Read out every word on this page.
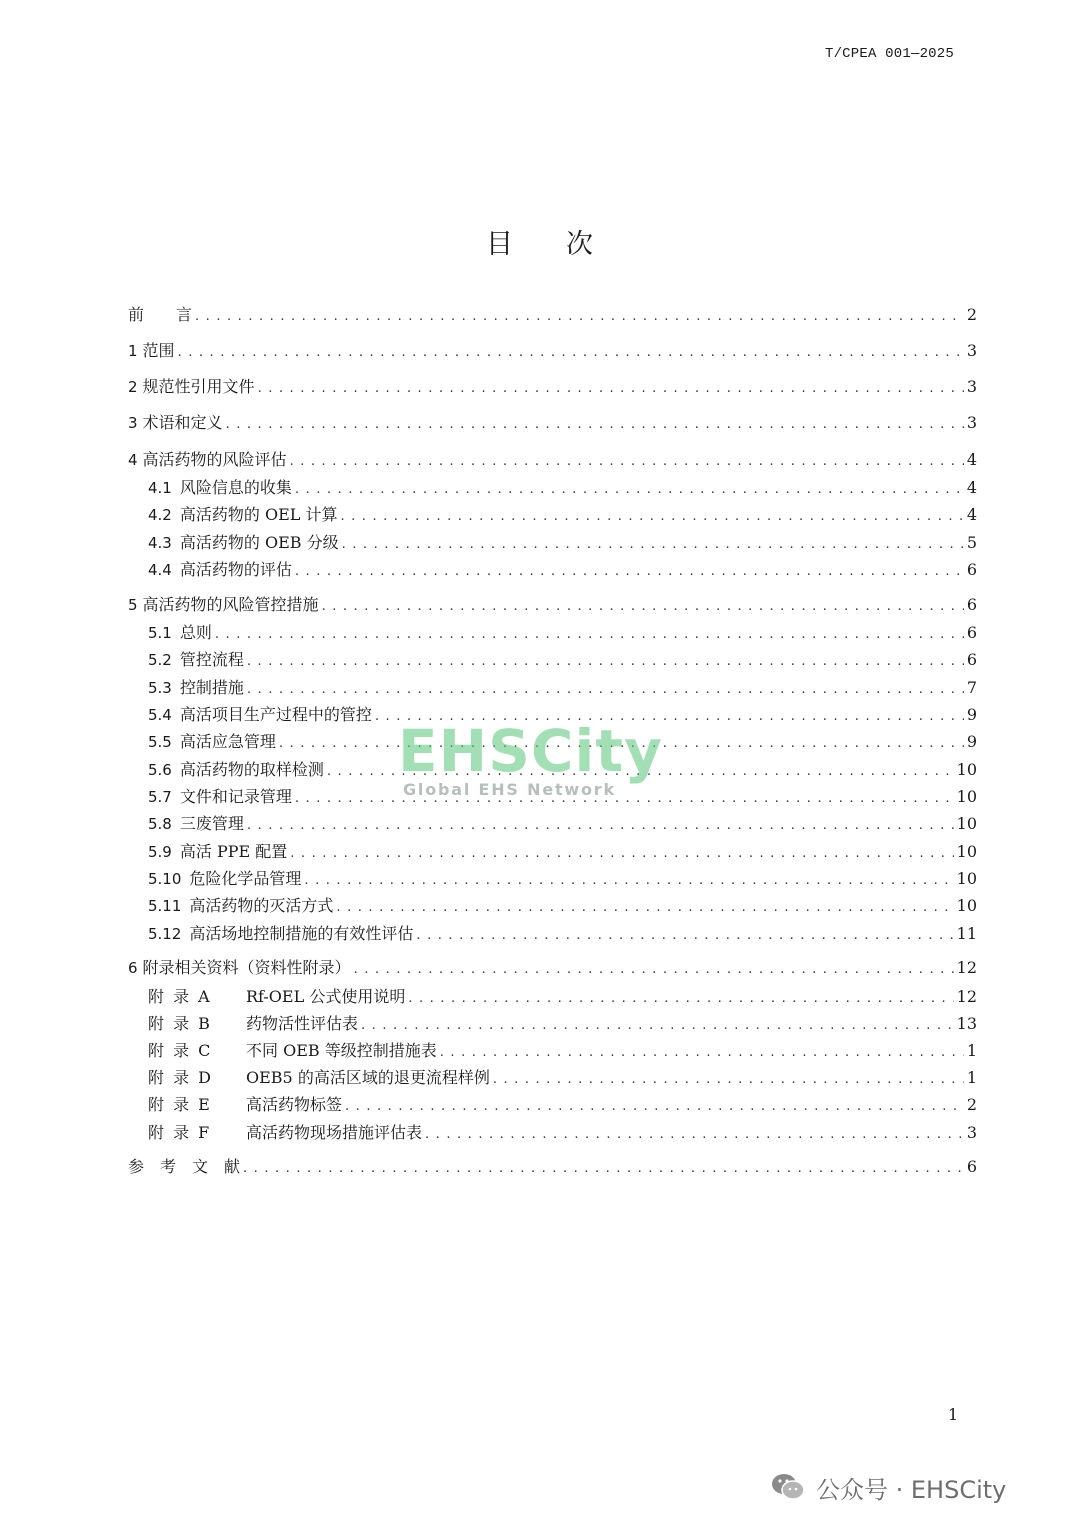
T/CPEA 001—2025
目 次
前　　言 . . .	2
1 范围 . . .	3
2 规范性引用文件 . . .	3
3 术语和定义 . . .	3
4 高活药物的风险评估 . . .	4
4.1 风险信息的收集 . . .	4
4.2 高活药物的 OEL 计算 . . .	4
4.3 高活药物的 OEB 分级 . . .	5
4.4 高活药物的评估 . . .	6
5 高活药物的风险管控措施 . . .	6
5.1 总则 . . .	6
5.2 管控流程 . . .	6
5.3 控制措施 . . .	7
5.4 高活项目生产过程中的管控 . . .	9
5.5 高活应急管理 . . .	9
5.6 高活药物的取样检测 . . .	10
5.7 文件和记录管理 . . .	10
5.8 三废管理 . . .	10
5.9 高活 PPE 配置 . . .	10
5.10 危险化学品管理 . . .	10
5.11 高活药物的灭活方式 . . .	10
5.12 高活场地控制措施的有效性评估 . . .	11
6 附录相关资料（资料性附录） . . .	12
附 录 A	Rf-OEL 公式使用说明 . . .	12
附 录 B	药物活性评估表 . . .	13
附 录 C	不同 OEB 等级控制措施表 . . .	1
附 录 D	OEB5 的高活区域的退更流程样例 . . .	1
附 录 E	高活药物标签 . . .	2
附 录 F	高活药物现场措施评估表 . . .	3
参　考　文　献 . . .	6
EHSCity
Global EHS Network
1
公众号 · EHSCity
